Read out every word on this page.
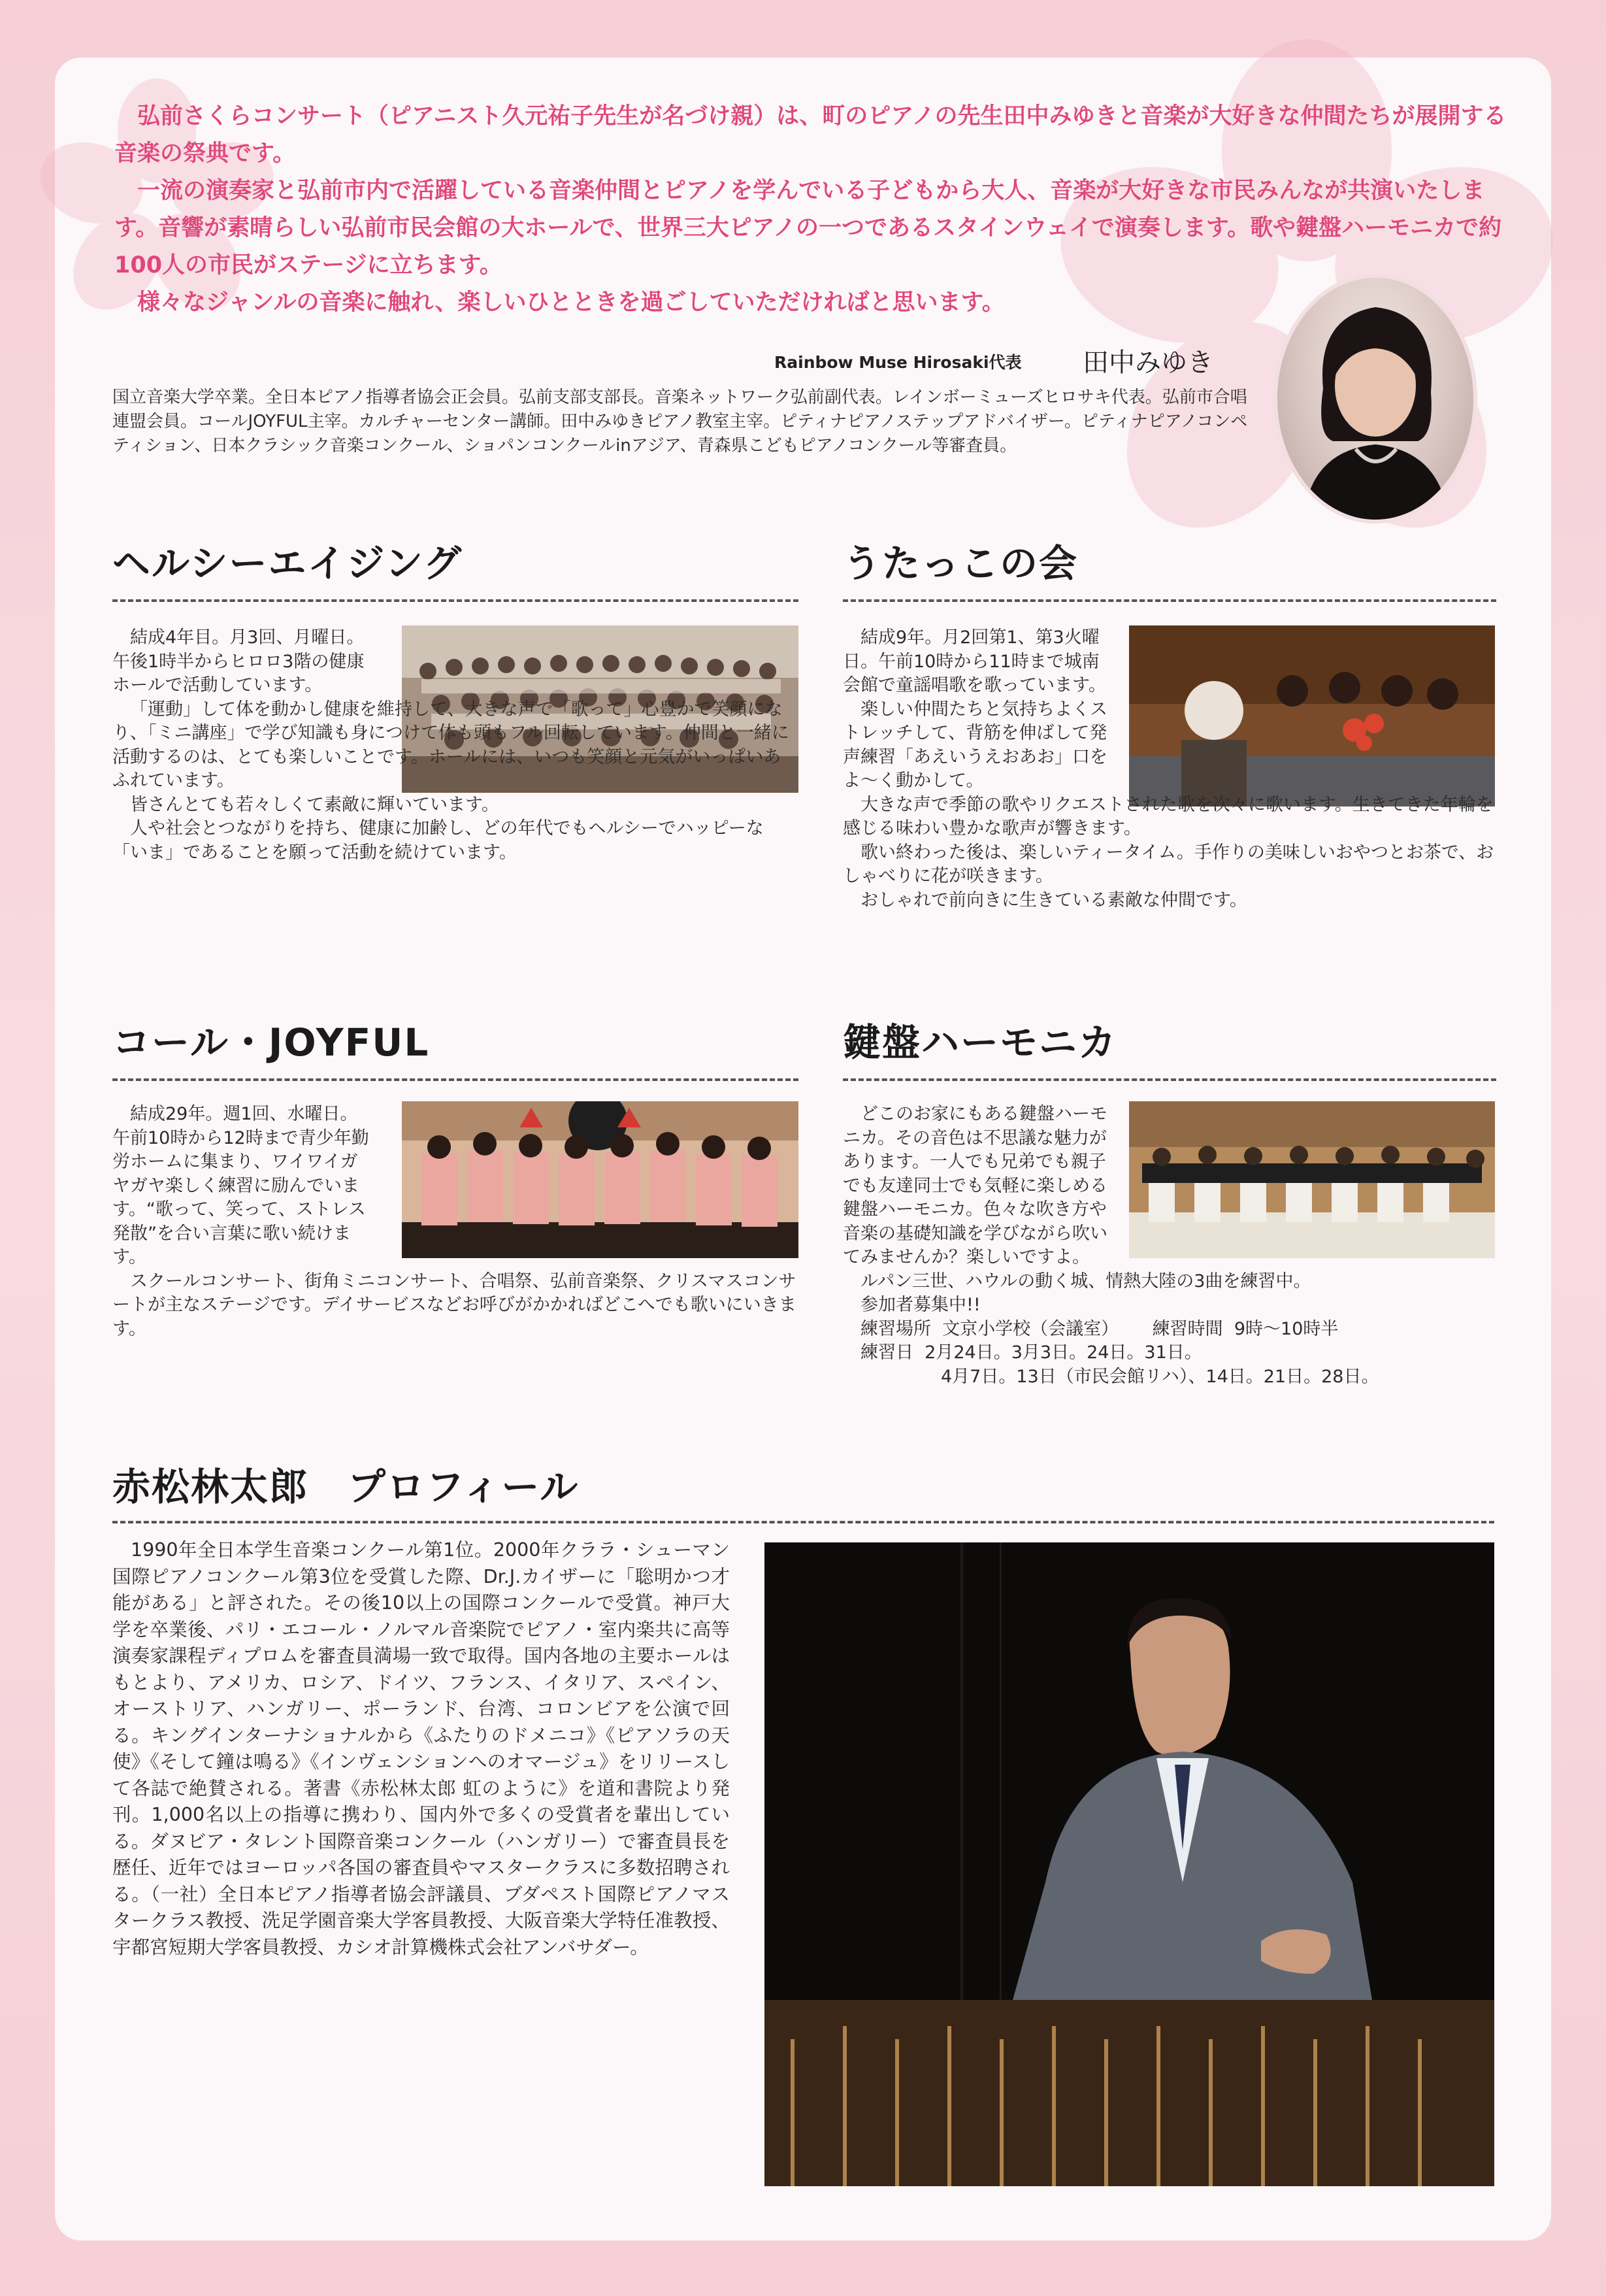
弘前さくらコンサート（ピアニスト久元祐子先生が名づけ親）は、町のピアノの先生田中みゆきと音楽が大好きな仲間たちが展開する音楽の祭典です。

一流の演奏家と弘前市内で活躍している音楽仲間とピアノを学んでいる子どもから大人、音楽が大好きな市民みんなが共演いたします。音響が素晴らしい弘前市民会館の大ホールで、世界三大ピアノの一つであるスタインウェイで演奏します。歌や鍵盤ハーモニカで約100人の市民がステージに立ちます。

様々なジャンルの音楽に触れ、楽しいひとときを過ごしていただければと思います。

Rainbow Muse Hirosaki代表 田中みゆき
国立音楽大学卒業。全日本ピアノ指導者協会正会員。弘前支部支部長。音楽ネットワーク弘前副代表。レインボーミューズヒロサキ代表。弘前市合唱連盟会員。コールJOYFUL主宰。カルチャーセンター講師。田中みゆきピアノ教室主宰。ピティナピアノステップアドバイザー。ピティナピアノコンペティション、日本クラシック音楽コンクール、ショパンコンクールinアジア、青森県こどもピアノコンクール等審査員。
ヘルシーエイジング

結成4年目。月3回、月曜日。午後1時半からヒロロ3階の健康ホールで活動しています。

「運動」して体を動かし健康を維持して、大きな声で「歌って」心豊かで笑顔になり、「ミニ講座」で学び知識も身につけて体も頭もフル回転しています。仲間と一緒に活動するのは、とても楽しいことです。ホールには、いつも笑顔と元気がいっぱいあふれています。

皆さんとても若々しくて素敵に輝いています。

人や社会とつながりを持ち、健康に加齢し、どの年代でもヘルシーでハッピーな「いま」であることを願って活動を続けています。

うたっこの会

結成9年。月2回第1、第3火曜日。午前10時から11時まで城南会館で童謡唱歌を歌っています。

楽しい仲間たちと気持ちよくストレッチして、背筋を伸ばして発声練習「あえいうえおあお」口をよ〜く動かして。

大きな声で季節の歌やリクエストされた歌を次々に歌います。生きてきた年輪を感じる味わい豊かな歌声が響きます。

歌い終わった後は、楽しいティータイム。手作りの美味しいおやつとお茶で、おしゃべりに花が咲きます。

おしゃれで前向きに生きている素敵な仲間です。

コール・JOYFUL

結成29年。週1回、水曜日。午前10時から12時まで青少年勤労ホームに集まり、ワイワイガヤガヤ楽しく練習に励んでいます。“歌って、笑って、ストレス発散”を合い言葉に歌い続けます。

スクールコンサート、街角ミニコンサート、合唱祭、弘前音楽祭、クリスマスコンサートが主なステージです。デイサービスなどお呼びがかかればどこへでも歌いにいきます。

鍵盤ハーモニカ

どこのお家にもある鍵盤ハーモニカ。その音色は不思議な魅力があります。一人でも兄弟でも親子でも友達同士でも気軽に楽しめる鍵盤ハーモニカ。色々な吹き方や音楽の基礎知識を学びながら吹いてみませんか？楽しいですよ。

ルパン三世、ハウルの動く城、情熱大陸の3曲を練習中。

参加者募集中!!

練習場所 文京小学校（会議室） 練習時間 9時〜10時半
練習日 2月24日。3月3日。24日。31日。
4月7日。13日（市民会館リハ）、14日。21日。28日。
赤松林太郎　プロフィール

1990年全日本学生音楽コンクール第1位。2000年クララ・シューマン国際ピアノコンクール第3位を受賞した際、Dr.J.カイザーに「聡明かつ才能がある」と評された。その後10以上の国際コンクールで受賞。神戸大学を卒業後、パリ・エコール・ノルマル音楽院でピアノ・室内楽共に高等演奏家課程ディプロムを審査員満場一致で取得。国内各地の主要ホールはもとより、アメリカ、ロシア、ドイツ、フランス、イタリア、スペイン、オーストリア、ハンガリー、ポーランド、台湾、コロンビアを公演で回る。キングインターナショナルから《ふたりのドメニコ》《ピアソラの天使》《そして鐘は鳴る》《インヴェンションへのオマージュ》をリリースして各誌で絶賛される。著書《赤松林太郎 虹のように》を道和書院より発刊。1,000名以上の指導に携わり、国内外で多くの受賞者を輩出している。ダヌビア・タレント国際音楽コンクール（ハンガリー）で審査員長を歴任、近年ではヨーロッパ各国の審査員やマスタークラスに多数招聘される。（一社）全日本ピアノ指導者協会評議員、ブダペスト国際ピアノマスタークラス教授、洗足学園音楽大学客員教授、大阪音楽大学特任准教授、宇都宮短期大学客員教授、カシオ計算機株式会社アンバサダー。
